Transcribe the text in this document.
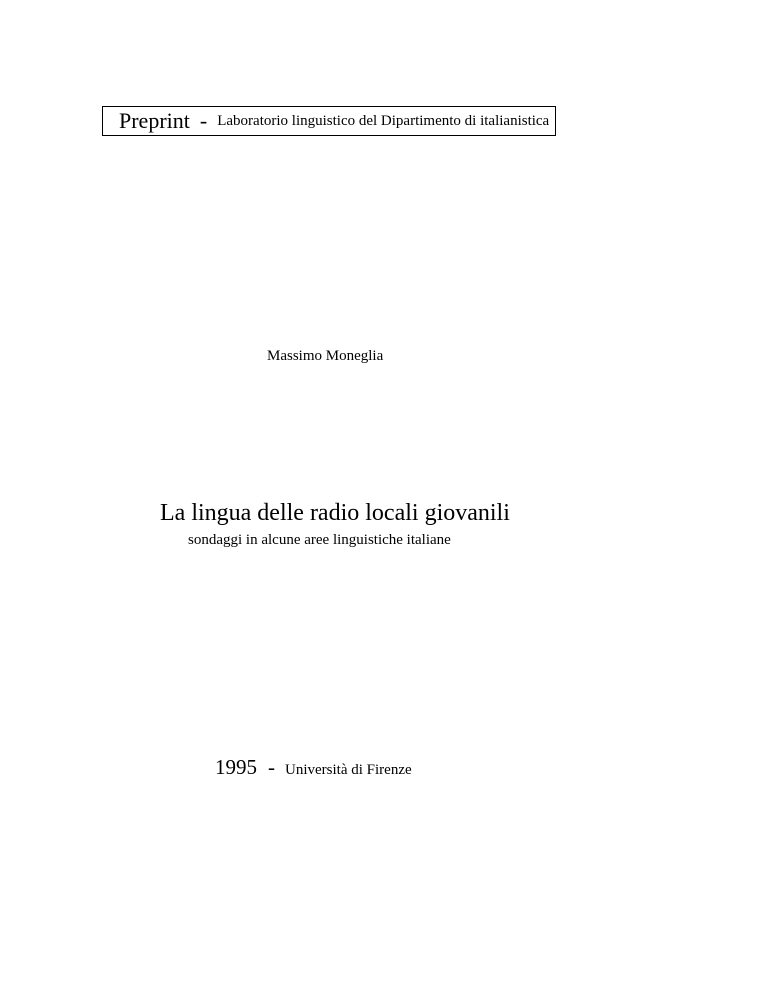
Preprint - Laboratorio linguistico del Dipartimento di italianistica
Massimo Moneglia
La lingua delle radio locali giovanili
sondaggi in alcune aree linguistiche italiane
1995 - Università di Firenze
